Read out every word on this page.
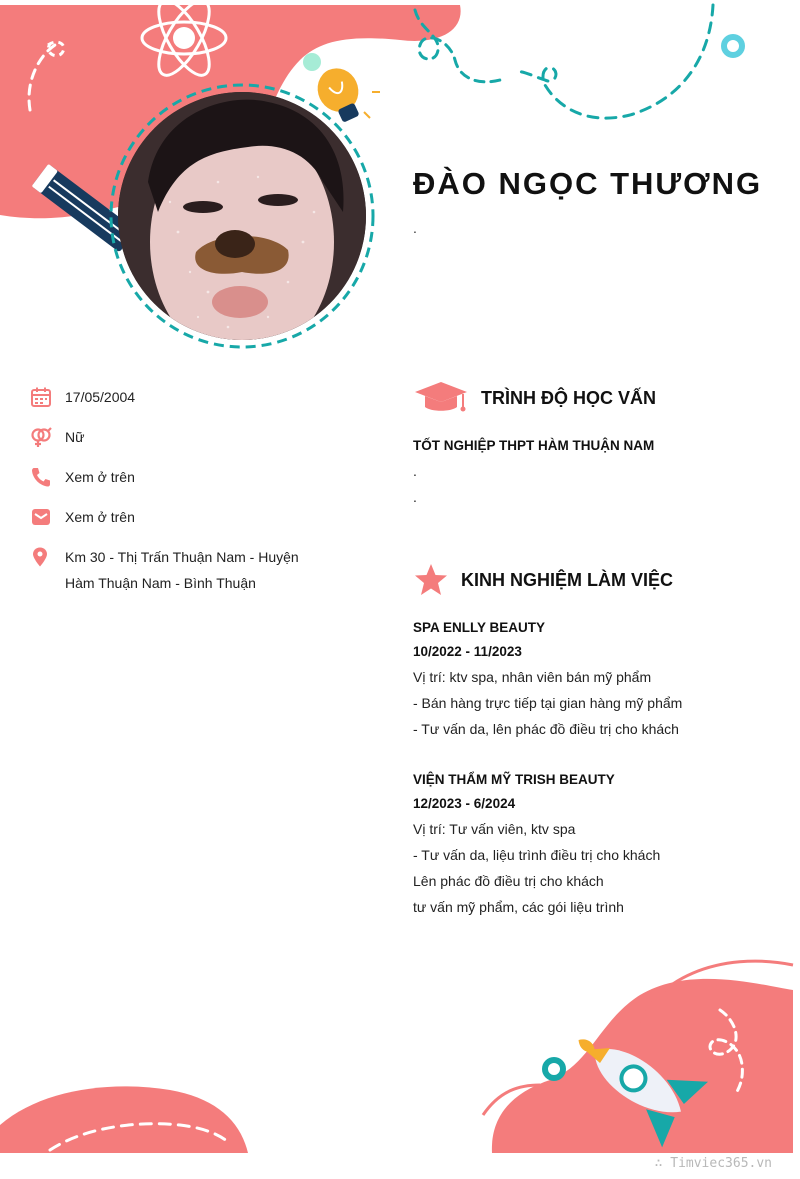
ĐÀO NGỌC THƯƠNG
.
17/05/2004
Nữ
Xem ở trên
Xem ở trên
Km 30 - Thị Trấn Thuận Nam - Huyện Hàm Thuận Nam - Bình Thuận
TRÌNH ĐỘ HỌC VẤN

TỐT NGHIỆP THPT HÀM THUẬN NAM

.

.

KINH NGHIỆM LÀM VIỆC

SPA ENLLY BEAUTY

10/2022 - 11/2023

Vị trí: ktv spa, nhân viên bán mỹ phẩm

- Bán hàng trực tiếp tại gian hàng mỹ phẩm

- Tư vấn da, lên phác đồ điều trị cho khách

VIỆN THẨM MỸ TRISH BEAUTY

12/2023 - 6/2024

Vị trí: Tư vấn viên, ktv spa

- Tư vấn da, liệu trình điều trị cho khách

Lên phác đồ điều trị cho khách

tư vấn mỹ phẩm, các gói liệu trình

∴ Timviec365.vn
